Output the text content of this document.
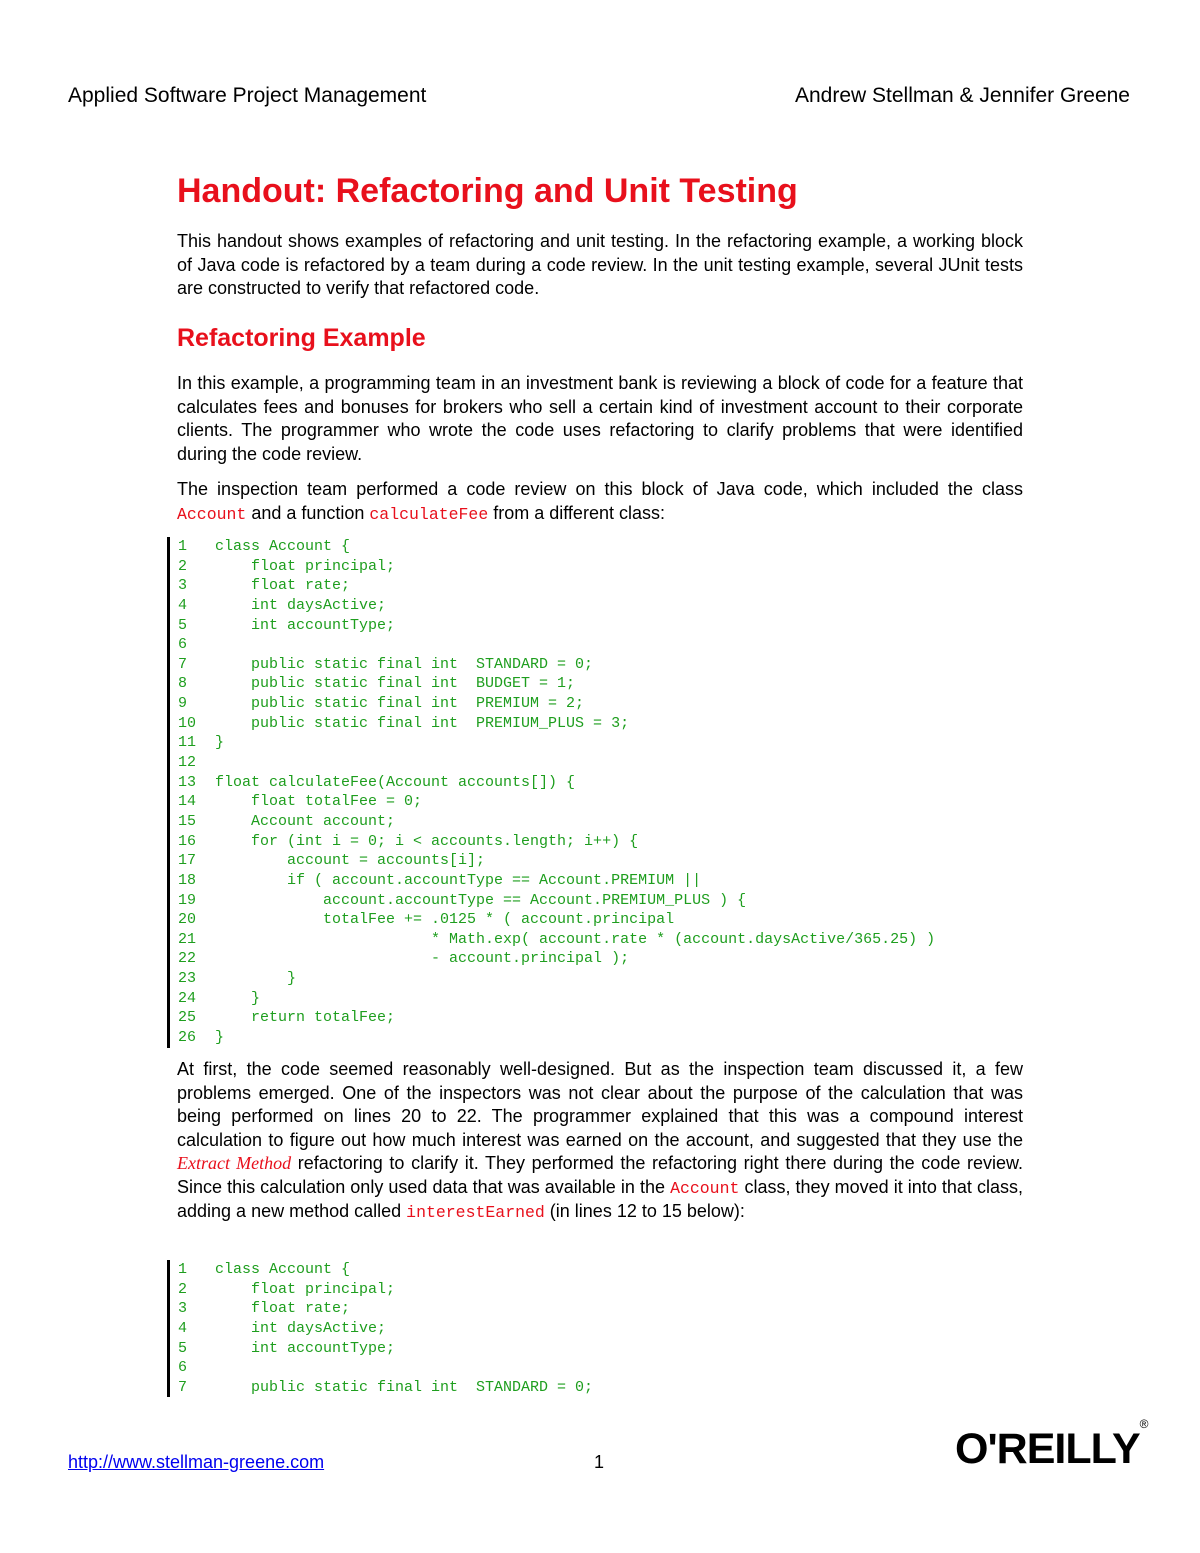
Applied Software Project Management	Andrew Stellman & Jennifer Greene
Handout: Refactoring and Unit Testing

This handout shows examples of refactoring and unit testing. In the refactoring example, a working block of Java code is refactored by a team during a code review. In the unit testing example, several JUnit tests are constructed to verify that refactored code.

Refactoring Example

In this example, a programming team in an investment bank is reviewing a block of code for a feature that calculates fees and bonuses for brokers who sell a certain kind of investment account to their corporate clients. The programmer who wrote the code uses refactoring to clarify problems that were identified during the code review.

The inspection team performed a code review on this block of Java code, which included the class Account and a function calculateFee from a different class:

1 class Account {
2    float principal;
3    float rate;
4    int daysActive;
5    int accountType;
6
7    public static final int  STANDARD = 0;
8    public static final int  BUDGET = 1;
9    public static final int  PREMIUM = 2;
10    public static final int  PREMIUM_PLUS = 3;
11 }
12
13 float calculateFee(Account accounts[]) {
14    float totalFee = 0;
15    Account account;
16    for (int i = 0; i < accounts.length; i++) {
17        account = accounts[i];
18        if ( account.accountType == Account.PREMIUM ||
19            account.accountType == Account.PREMIUM_PLUS ) {
20            totalFee += .0125 * ( account.principal
21                        * Math.exp( account.rate * (account.daysActive/365.25) )
22                        - account.principal );
23        }
24    }
25    return totalFee;
26 }

At first, the code seemed reasonably well-designed. But as the inspection team discussed it, a few problems emerged. One of the inspectors was not clear about the purpose of the calculation that was being performed on lines 20 to 22. The programmer explained that this was a compound interest calculation to figure out how much interest was earned on the account, and suggested that they use the Extract Method refactoring to clarify it. They performed the refactoring right there during the code review. Since this calculation only used data that was available in the Account class, they moved it into that class, adding a new method called interestEarned (in lines 12 to 15 below):

1 class Account {
2    float principal;
3    float rate;
4    int daysActive;
5    int accountType;
6
7    public static final int  STANDARD = 0;
http://www.stellman-greene.com	1	O'REILLY®
